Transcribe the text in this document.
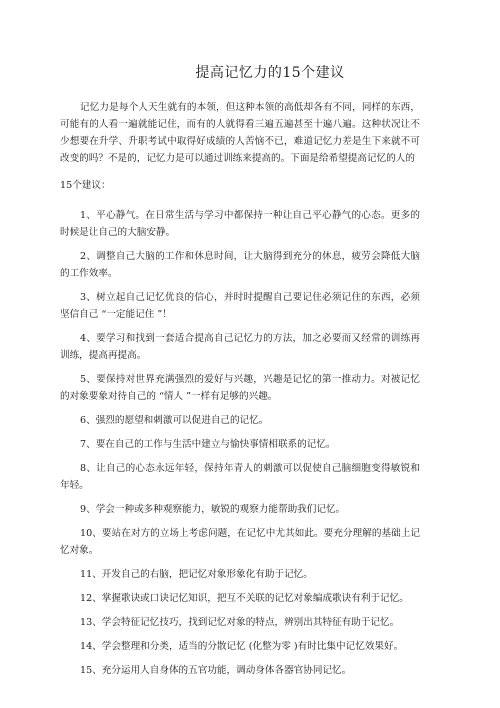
提高记忆力的15个建议

记忆力是每个人天生就有的本领，但这种本领的高低却各有不同，同样的东西，可能有的人看一遍就能记住，而有的人就得看三遍五遍甚至十遍八遍。这种状况让不少想要在升学、升职考试中取得好成绩的人苦恼不已，难道记忆力差是生下来就不可改变的吗？不是的，记忆力是可以通过训练来提高的。下面是给希望提高记忆的人的

15个建议：
1、平心静气。在日常生活与学习中都保持一种让自己平心静气的心态。更多的时候是让自己的大脑安静。
2、调整自己大脑的工作和休息时间，让大脑得到充分的休息，疲劳会降低大脑的工作效率。
3、树立起自己记忆优良的信心，并时时提醒自己要记住必须记住的东西，必须坚信自己 “一定能记住 ”！
4、要学习和找到一套适合提高自己记忆力的方法，加之必要而又经常的训练再训练，提高再提高。
5、要保持对世界充满强烈的爱好与兴趣，兴趣是记忆的第一推动力。对被记忆的对象要象对待自己的 “情人 ”一样有足够的兴趣。
6、强烈的愿望和刺激可以促进自己的记忆。
7、要在自己的工作与生活中建立与愉快事情相联系的记忆。
8、让自己的心态永远年轻，保持年青人的刺激可以促使自己脑细胞变得敏锐和年轻。
9、学会一种或多种观察能力，敏锐的观察力能帮助我们记忆。
10、要站在对方的立场上考虑问题，在记忆中尤其如此。要充分理解的基础上记忆对象。
11、开发自己的右脑，把记忆对象形象化有助于记忆。
12、掌握歌诀或口诀记忆知识，把互不关联的记忆对象编成歌诀有利于记忆。
13、学会特征记忆技巧，找到记忆对象的特点，辨别出其特征有助于记忆。
14、学会整理和分类，适当的分散记忆 (化整为零 )有时比集中记忆效果好。
15、充分运用人自身体的五官功能，调动身体各器官协同记忆。
